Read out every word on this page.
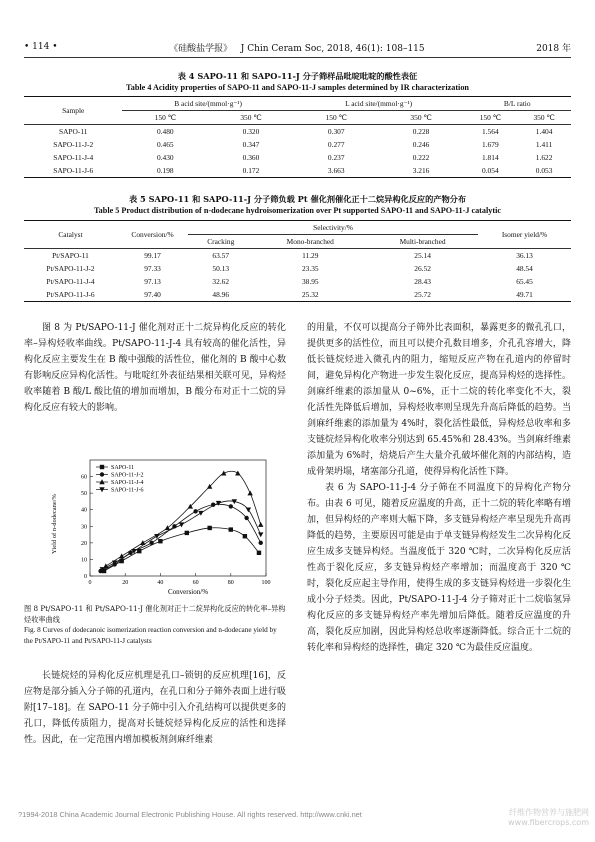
• 114 •	《硅酸盐学报》 J Chin Ceram Soc, 2018, 46(1): 108–115	2018 年
表 4 SAPO-11 和 SAPO-11-J 分子筛样品吡啶吡啶的酸性表征
Table 4 Acidity properties of SAPO-11 and SAPO-11-J samples determined by IR characterization
Sample	B acid site/(mmol·g⁻¹)		L acid site/(mmol·g⁻¹)		B/L ratio	
	150 ℃	350 ℃	150 ℃	350 ℃	150 ℃	350 ℃
SAPO-11	0.480	0.320	0.307	0.228	1.564	1.404
SAPO-11-J-2	0.465	0.347	0.277	0.246	1.679	1.411
SAPO-11-J-4	0.430	0.360	0.237	0.222	1.814	1.622
SAPO-11-J-6	0.198	0.172	3.663	3.216	0.054	0.053
表 5 SAPO-11 和 SAPO-11-J 分子筛负载 Pt 催化剂催化正十二烷异构化反应的产物分布
Table 5 Product distribution of n-dodecane hydroisomerization over Pt supported SAPO-11 and SAPO-11-J catalytic
Catalyst	Conversion/%	Selectivity/%			Isomer yield/%
		Cracking	Mono-branched	Multi-branched	
Pt/SAPO-11	99.17	63.57	11.29	25.14	36.13
Pt/SAPO-11-J-2	97.33	50.13	23.35	26.52	48.54
Pt/SAPO-11-J-4	97.13	32.62	38.95	28.43	65.45
Pt/SAPO-11-J-6	97.40	48.96	25.32	25.72	49.71

图 8 为 Pt/SAPO-11-J 催化剂对正十二烷异构化反应的转化率–异构烃收率曲线。Pt/SAPO-11-J-4 具有较高的催化活性，异构化反应主要发生在 B 酸中强酸的活性位，催化剂的 B 酸中心数有影响反应异构化活性。与吡啶红外表征结果相关联可见，异构烃收率随着 B 酸/L 酸比值的增加而增加，B 酸分布对正十二烷的异构化反应有较大的影响。

0	20	40	60	80	100
0
10
20
30
40
50
60
SAPO-11
SAPO-11-J-2
SAPO-11-J-4
SAPO-11-J-6
Yield of n-dodecane/%
Conversion/%
图 8 Pt/SAPO-11 和 Pt/SAPO-11-J 催化剂对正十二烷异构化反应的转化率–异构烃收率曲线
Fig. 8 Curves of dodecanoic isomerization reaction conversion and n-dodecane yield by the Pt/SAPO-11 and Pt/SAPO-11-J catalysts

长链烷烃的异构化反应机理是孔口–锁钥的反应机理[16]，反应物是部分插入分子筛的孔道内，在孔口和分子筛外表面上进行吸附[17–18]。在 SAPO-11 分子筛中引入介孔结构可以提供更多的孔口，降低传质阻力，提高对长链烷烃异构化反应的活性和选择性。因此，在一定范围内增加模板剂剑麻纤维素

的用量，不仅可以提高分子筛外比表面积，暴露更多的微孔孔口，提供更多的活性位，而且可以使介孔数目增多，介孔孔容增大，降低长链烷烃进入微孔内的阻力，缩短反应产物在孔道内的停留时间，避免异构化产物进一步发生裂化反应，提高异构烃的选择性。剑麻纤维素的添加量从 0~6%，正十二烷的转化率变化不大，裂化活性先降低后增加，异构烃收率则呈现先升高后降低的趋势。当剑麻纤维素的添加量为 4%时，裂化活性最低，异构烃总收率和多支链烷烃异构化收率分别达到 65.45%和 28.43%。当剑麻纤维素添加量为 6%时，焙烧后产生大量介孔破坏催化剂的内部结构，造成骨架坍塌，堵塞部分孔道，使得异构化活性下降。

表 6 为 SAPO-11-J-4 分子筛在不同温度下的异构化产物分布。由表 6 可见，随着反应温度的升高，正十二烷的转化率略有增加，但异构烃的产率则大幅下降，多支链异构烃产率呈现先升高再降低的趋势，主要原因可能是由于单支链异构烃发生二次异构化反应生成多支链异构烃。当温度低于 320 ℃时，二次异构化反应活性高于裂化反应，多支链异构烃产率增加；而温度高于 320 ℃时，裂化反应起主导作用，使得生成的多支链异构烃进一步裂化生成小分子烃类。因此，Pt/SAPO-11-J-4 分子筛对正十二烷临氢异构化反应的多支链异构烃产率先增加后降低。随着反应温度的升高，裂化反应加剧，因此异构烃总收率逐渐降低。综合正十二烷的转化率和异构烃的选择性，确定 320 ℃为最佳反应温度。

?1994-2018 China Academic Journal Electronic Publishing House. All rights reserved. http://www.cnki.net	纤维作物营养与施肥网
www.fibercrops.com
